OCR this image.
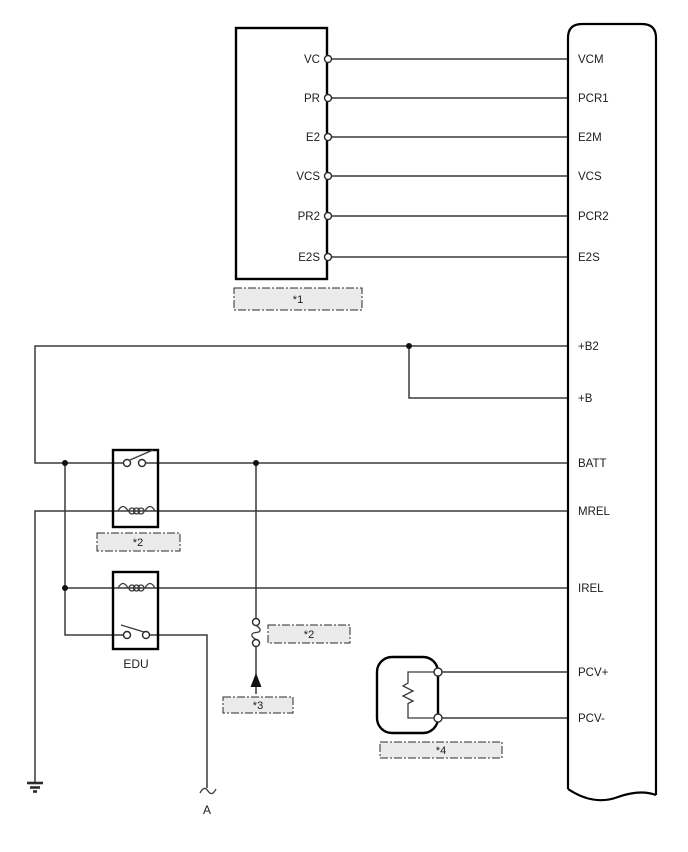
VC
PR
E2
VCS
PR2
E2S
VCM
PCR1
E2M
VCS
PCR2
E2S
+B2
+B
BATT
MREL
IREL
PCV+
PCV-
EDU
A
*1
*2
*2
*3
*4
